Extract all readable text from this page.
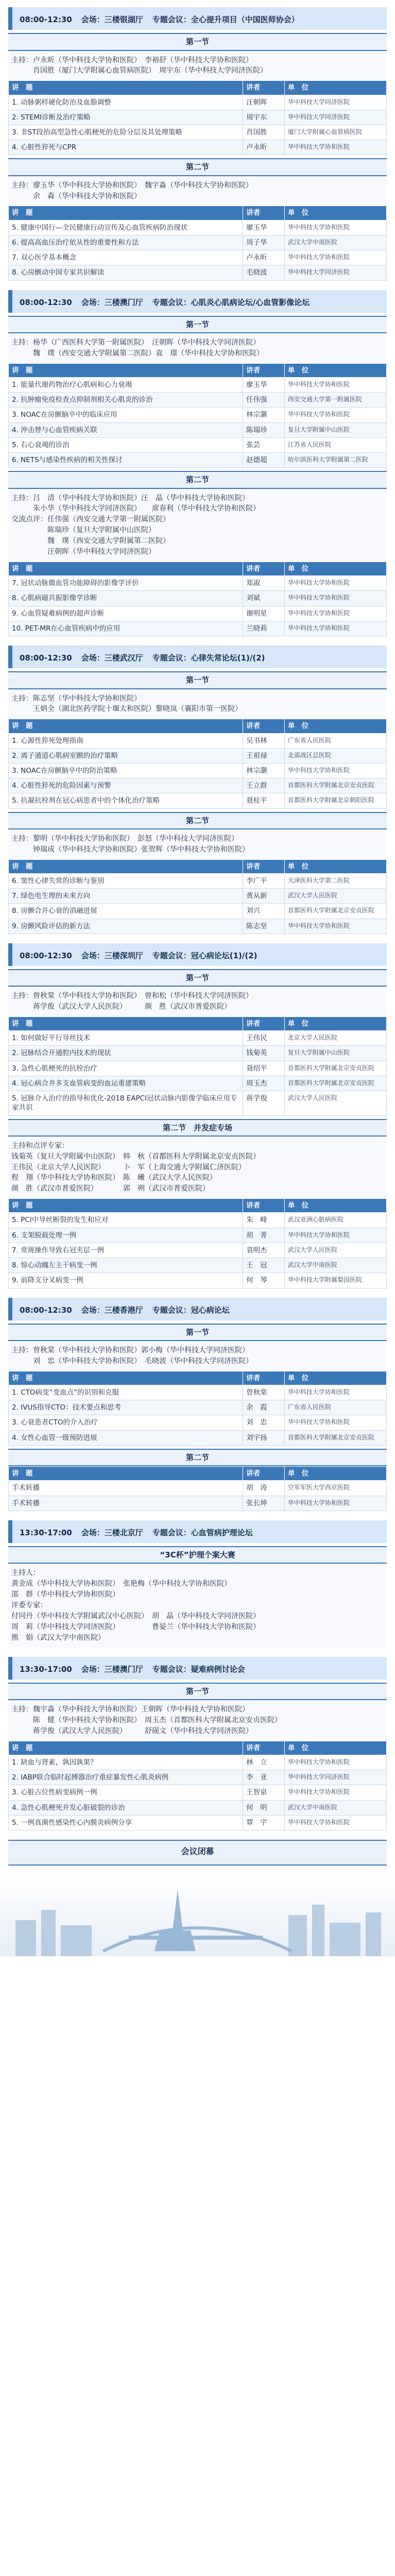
08:00-12:30 会场：三楼银湖厅 专题会议：全心提升项目（中国医师协会）
第一节
主持：卢永昕（华中科技大学协和医院）　李裕舒（华中科技大学协和医院）
　　　肖国胜（厦门大学附属心血管病医院）　周宇东（华中科技大学同济医院）
讲　题	讲者	单　位
1. 动脉粥样硬化防治及血脂调整	汪朝晖	华中科技大学同济医院
2. STEMI诊断及治疗策略	周宇东	华中科技大学同济医院
3. 非ST段抬高型急性心肌梗死的危险分层及其处理策略	肖国胜	厦门大学附属心血管病医院
4. 心脏性猝死与CPR	卢永昕	华中科技大学协和医院
第二节
主持：廖玉华（华中科技大学协和医院）　魏宇淼（华中科技大学协和医院）
　　　余　森（华中科技大学协和医院）
讲　题	讲者	单　位
5. 健康中国行—全民健康行动宣传及心血管疾病防治现状	廖玉华	华中科技大学协和医院
6. 提高高血压治疗依从性的重要性和方法	周子华	武汉大学中南医院
7. 双心医学基本概念	卢永昕	华中科技大学协和医院
8. 心房颤动中国专家共识解读	毛晓波	华中科技大学同济医院
08:00-12:30 会场：三楼澳门厅 专题会议：心肌炎心肌病论坛/心血管影像论坛
第一节
主持：杨华（广西医科大学第一附属医院）　汪朝晖（华中科技大学同济医院）
　　　魏　璞（西安交通大学附属第二医院）袁　璟（华中科技大学协和医院）
讲　题	讲者	单　位
1. 能量代谢药物治疗心肌病和心力衰竭	廖玉华	华中科技大学协和医院
2. 抗肿瘤免疫检查点抑制剂相关心肌炎的诊治	任伟强	西安交通大学第一附属医院
3. NOAC在房颤脑卒中的临床应用	林宗灏	华中科技大学协和医院
4. 沖击替与心血管疾病关联	陈瑞珍	复旦大学附属中山医院
5. 右心衰竭的诊治	张芸	江苏省人民医院
6. NETS与感染性疾病的相关性探讨	赵德超	哈尔滨医科大学附属第二医院
第二节
主持：吕　清（华中科技大学协和医院）汪　晶（华中科技大学协和医院）
　　　朱小华（华中科技大学同济医院）　　席春利（华中科技大学协和医院）
交流点评：任伟强（西安交通大学第一附属医院）
　　　　　陈瑞珍（复旦大学附属中山医院）
　　　　　魏　璞（西安交通大学附属第二医院）
　　　　　汪朝晖（华中科技大学同济医院）
讲　题	讲者	单　位
7. 冠状动脉微血管功能障碍的影像学评价	郑淑	华中科技大学协和医院
8. 心肌病磁共振影像学诊断	刘斌	华中科技大学协和医院
9. 心血管疑难病例的超声诊断	谢明星	华中科技大学协和医院
10. PET-MR在心血管疾病中的应用	兰晓莉	华中科技大学协和医院
08:00-12:30 会场：三楼武汉厅 专题会议：心律失常论坛(1)/(2)
第一节
主持：陈志坚（华中科技大学协和医院）
　　　王炳全（湖北医药学院十堰太和医院）黎晓岚（襄阳市第一医院）
讲　题	讲者	单　位
1. 心源性猝死处理指南	吴书林	广东省人民医院
2. 离子通道心肌病室颤的治疗策略	王祖禄	北部战区总医院
3. NOAC在房颤脑卒中的防治策略	林宗灏	华中科技大学协和医院
4. 心脏性猝死的危险因素与预警	王立群	首都医科大学附属北京安贞医院
5. 抗凝抗栓剂在冠心病患者中的个体化治疗策略	聂桂平	首都医科大学附属北京朝阳医院
第二节
主持：黎明（华中科技大学协和医院）　彭怒（华中科技大学同济医院）
　　　钟瑞成（华中科技大学协和医院）张贺辉（华中科技大学协和医院）
讲　题	讲者	单　位
6. 窦性心律失常的诊断与鉴别	李广平	天津医科大学第二医院
7. 绿色电生理的未来方向	黄从新	武汉大学人民医院
8. 房颤合并心衰的消融进展	刘兴	首都医科大学附属北京安贞医院
9. 房颤风险评估的新方法	陈志坚	华中科技大学协和医院
08:00-12:30 会场：三楼深圳厅 专题会议：冠心病论坛(1)/(2)
第一节
主持：曾秋棠（华中科技大学协和医院）　曾和松（华中科技大学同济医院）
　　　蒋学俊（武汉大学人民医院）　　　颜　胜（武汉市普爱医院）
讲　题	讲者	单　位
1. 如何做好平行导丝技术	王伟民	北京大学人民医院
2. 冠脉结合开通腔内技术的现状	钱菊英	复旦大学附属中山医院
3. 急性心肌梗死的抗栓治疗	聂绍平	首都医科大学附属北京安贞医院
4. 冠心病合并多支血管病变的血运重建策略	周玉杰	首都医科大学附属北京安贞医院
5. 冠脉介入治疗的指导和优化-2018 EAPCI冠状动脉内影像学临床应用专家共识	蒋学俊	武汉大学人民医院
第二节　并发症专场
主持和点评专家：
钱菊英（复旦大学附属中山医院）　韩　秋（首都医科大学附属北京安贞医院）
王伟民（北京大学人民医院）　　　卜　军（上海交通大学附属仁济医院）
程　翔（华中科技大学协和医院）　陈　曦（武汉大学人民医院）
颜　胜（武汉市普爱医院）　　　　郭　朔（武汉市普爱医院）
讲　题	讲者	单　位
5. PCI中导丝断裂的发生和应对	朱　峰	武汉亚洲心脏病医院
6. 支架脱载处理一例	胡　菁	华中科技大学协和医院
7. 常规操作导致右冠夹层一例	袁明杰	武汉大学人民医院
8. 惊心动魄左主干病变一例	王　冠	武汉大学中南医院
9. 前降支分叉病变一例	何　琴	华中科技大学附属梨园医院
08:00-12:30 会场：三楼香港厅 专题会议：冠心病论坛
第一节
主持：曾秋棠（华中科技大学协和医院）郭小梅（华中科技大学同济医院）
　　　刘　忠（华中科技大学协和医院）　毛晓波（华中科技大学同济医院）
讲　题	讲者	单　位
1. CTO病变“变血点”的识别和克服	曾秋棠	华中科技大学协和医院
2. IVUS指导CTO：技术要点和思考	余　霞	广东省人民医院
3. 心衰患者CTO的介入治疗	刘　忠	华中科技大学协和医院
4. 女性心血管一级预防进展	刘宇扬	首都医科大学附属北京安贞医院
第二节
讲　题	讲者	单　位
手术转播	胡　涛	空军军医大学西京医院
手术转播	张长坤	华中科技大学协和医院
13:30-17:00 会场：三楼北京厅 专题会议：心血管病护理论坛
“3C杯”护理个案大赛
主持人：
黄金成（华中科技大学协和医院）　张艳梅（华中科技大学协和医院）
邵　群（华中科技大学协和医院）
评委专家：
付同丹（华中科技大学附属武汉中心医院）　胡　晶（华中科技大学同济医院）
周　莉（华中科技大学同济医院）　　　　　曹晏兰（华中科技大学协和医院）
熊　娟（武汉大学中南医院）
13:30-17:00 会场：三楼澳门厅 专题会议：疑难病例讨论会
第一节
主持：魏宇淼（华中科技大学协和医院）王朝晖（华中科技大学协和医院）
　　　陈　健（华中科技大学协和医院）　周玉杰（首都医科大学附属北京安贞医院）
　　　蒋学俊（武汉大学人民医院）　　　舒砚文（华中科技大学同济医院）
讲　题	讲者	单　位
1. 缺血与肾素，孰因孰果？	林　立	华中科技大学协和医院
2. IABP联合临时起搏器治疗重症暴发性心肌炎病例	李　亚	华中科技大学同济医院
3. 心脏占位性病变病例一例	王智泉	华中科技大学协和医院
4. 急性心肌梗死并发心脏破裂的诊治	何　明	武汉大学中南医院
5. 一例真菌性感染性心内膜炎病例分享	覃　宇	华中科技大学协和医院
会议闭幕
